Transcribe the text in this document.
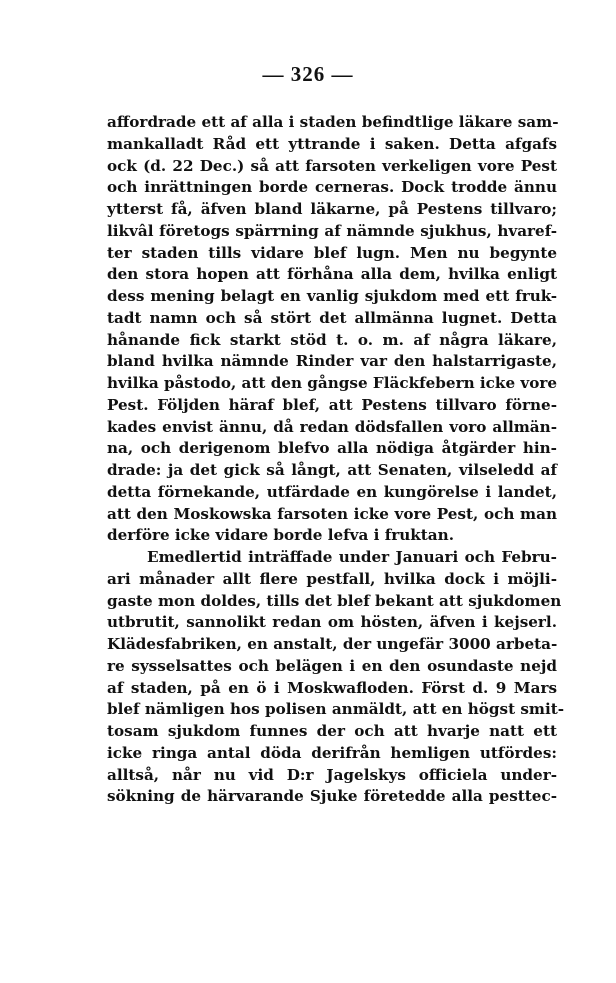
— 326 —
affordrade ett af alla i staden befindtlige läkare sam-
mankalladt Råd ett yttrande i saken. Detta afgafs
ock (d. 22 Dec.) så att farsoten verkeligen vore Pest
och inrättningen borde cerneras. Dock trodde ännu
ytterst få, äfven bland läkarne, på Pestens tillvaro;
likvâl företogs spärrning af nämnde sjukhus, hvaref-
ter staden tills vidare blef lugn. Men nu begynte
den stora hopen att förhåna alla dem, hvilka enligt
dess mening belagt en vanlig sjukdom med ett fruk-
tadt namn och så stört det allmänna lugnet. Detta
hånande fick starkt stöd t. o. m. af några läkare,
bland hvilka nämnde Rinder var den halstarrigaste,
hvilka påstodo, att den gångse Fläckfebern icke vore
Pest. Följden häraf blef, att Pestens tillvaro förne-
kades envist ännu, då redan dödsfallen voro allmän-
na, och derigenom blefvo alla nödiga åtgärder hin-
drade: ja det gick så långt, att Senaten, vilseledd af
detta förnekande, utfärdade en kungörelse i landet,
att den Moskowska farsoten icke vore Pest, och man
derföre icke vidare borde lefva i fruktan.
Emedlertid inträffade under Januari och Febru-
ari månader allt flere pestfall, hvilka dock i möjli-
gaste mon doldes, tills det blef bekant att sjukdomen
utbrutit, sannolikt redan om hösten, äfven i kejserl.
Klädesfabriken, en anstalt, der ungefär 3000 arbeta-
re sysselsattes och belägen i en den osundaste nejd
af staden, på en ö i Moskwafloden. Först d. 9 Mars
blef nämligen hos polisen anmäldt, att en högst smit-
tosam sjukdom funnes der och att hvarje natt ett
icke ringa antal döda derifrån hemligen utfördes:
alltså, når nu vid D:r Jagelskys officiela under-
sökning de härvarande Sjuke företedde alla pesttec-
